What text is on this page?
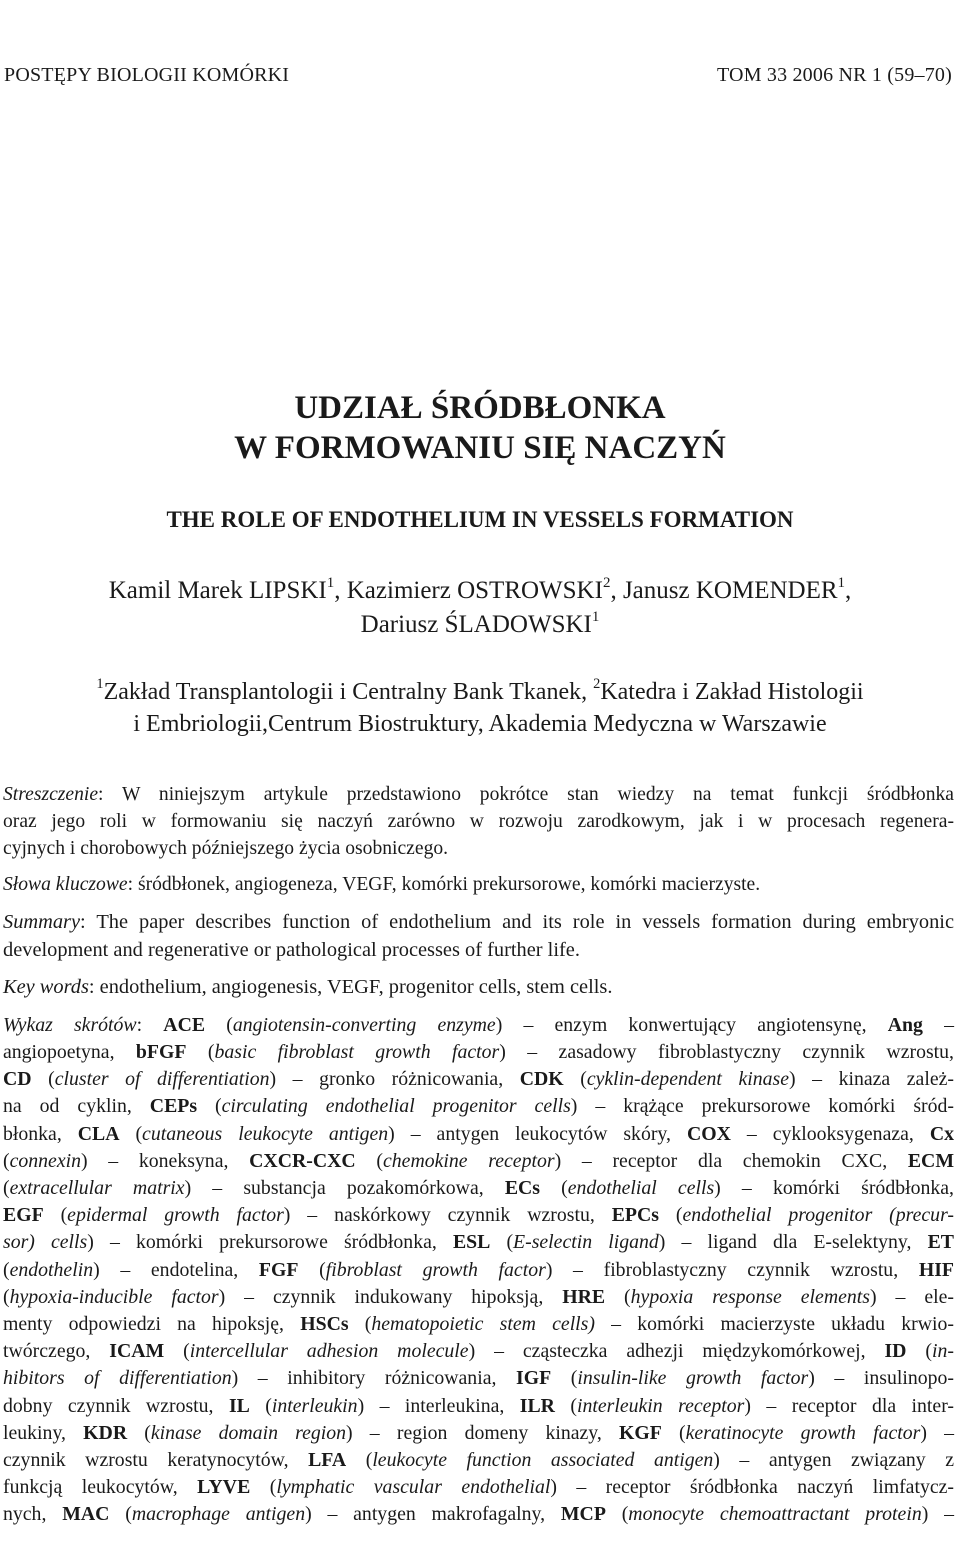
POSTĘPY BIOLOGII KOMÓRKI	TOM 33 2006 NR 1 (59–70)
UDZIAŁ ŚRÓDBŁONKA
W FORMOWANIU SIĘ NACZYŃ
THE ROLE OF ENDOTHELIUM IN VESSELS FORMATION
Kamil Marek LIPSKI$^1$, Kazimierz OSTROWSKI$^2$, Janusz KOMENDER$^1$,
Dariusz ŚLADOWSKI$^1$
$^1$Zakład Transplantologii i Centralny Bank Tkanek, $^2$Katedra i Zakład Histologii
i Embriologii,Centrum Biostruktury, Akademia Medyczna w Warszawie
Streszczenie: W niniejszym artykule przedstawiono pokrótce stan wiedzy na temat funkcji śródbłonka
oraz jego roli w formowaniu się naczyń zarówno w rozwoju zarodkowym, jak i w procesach regenera-
cyjnych i chorobowych późniejszego życia osobniczego.
Słowa kluczowe: śródbłonek, angiogeneza, VEGF, komórki prekursorowe, komórki macierzyste.
Summary: The paper describes function of endothelium and its role in vessels formation during embryonic
development and regenerative or pathological processes of further life.
Key words: endothelium, angiogenesis, VEGF, progenitor cells, stem cells.
Wykaz skrótów: ACE (angiotensin-converting enzyme) – enzym konwertujący angiotensynę, Ang –
angiopoetyna, bFGF (basic fibroblast growth factor) – zasadowy fibroblastyczny czynnik wzrostu,
CD (cluster of differentiation) – gronko różnicowania, CDK (cyklin-dependent kinase) – kinaza zależ-
na od cyklin, CEPs (circulating endothelial progenitor cells) – krążące prekursorowe komórki śród-
błonka, CLA (cutaneous leukocyte antigen) – antygen leukocytów skóry, COX – cyklooksygenaza, Cx
(connexin) – koneksyna, CXCR-CXC (chemokine receptor) – receptor dla chemokin CXC, ECM
(extracellular matrix) – substancja pozakomórkowa, ECs (endothelial cells) – komórki śródbłonka,
EGF (epidermal growth factor) – naskórkowy czynnik wzrostu, EPCs (endothelial progenitor (precur-
sor) cells) – komórki prekursorowe śródbłonka, ESL (E-selectin ligand) – ligand dla E-selektyny, ET
(endothelin) – endotelina, FGF (fibroblast growth factor) – fibroblastyczny czynnik wzrostu, HIF
(hypoxia-inducible factor) – czynnik indukowany hipoksją, HRE (hypoxia response elements) – ele-
menty odpowiedzi na hipoksję, HSCs (hematopoietic stem cells) – komórki macierzyste układu krwio-
twórczego, ICAM (intercellular adhesion molecule) – cząsteczka adhezji międzykomórkowej, ID (in-
hibitors of differentiation) – inhibitory różnicowania, IGF (insulin-like growth factor) – insulinopo-
dobny czynnik wzrostu, IL (interleukin) – interleukina, ILR (interleukin receptor) – receptor dla inter-
leukiny, KDR (kinase domain region) – region domeny kinazy, KGF (keratinocyte growth factor) –
czynnik wzrostu keratynocytów, LFA (leukocyte function associated antigen) – antygen związany z
funkcją leukocytów, LYVE (lymphatic vascular endothelial) – receptor śródbłonka naczyń limfatycz-
nych, MAC (macrophage antigen) – antygen makrofagalny, MCP (monocyte chemoattractant protein) –
